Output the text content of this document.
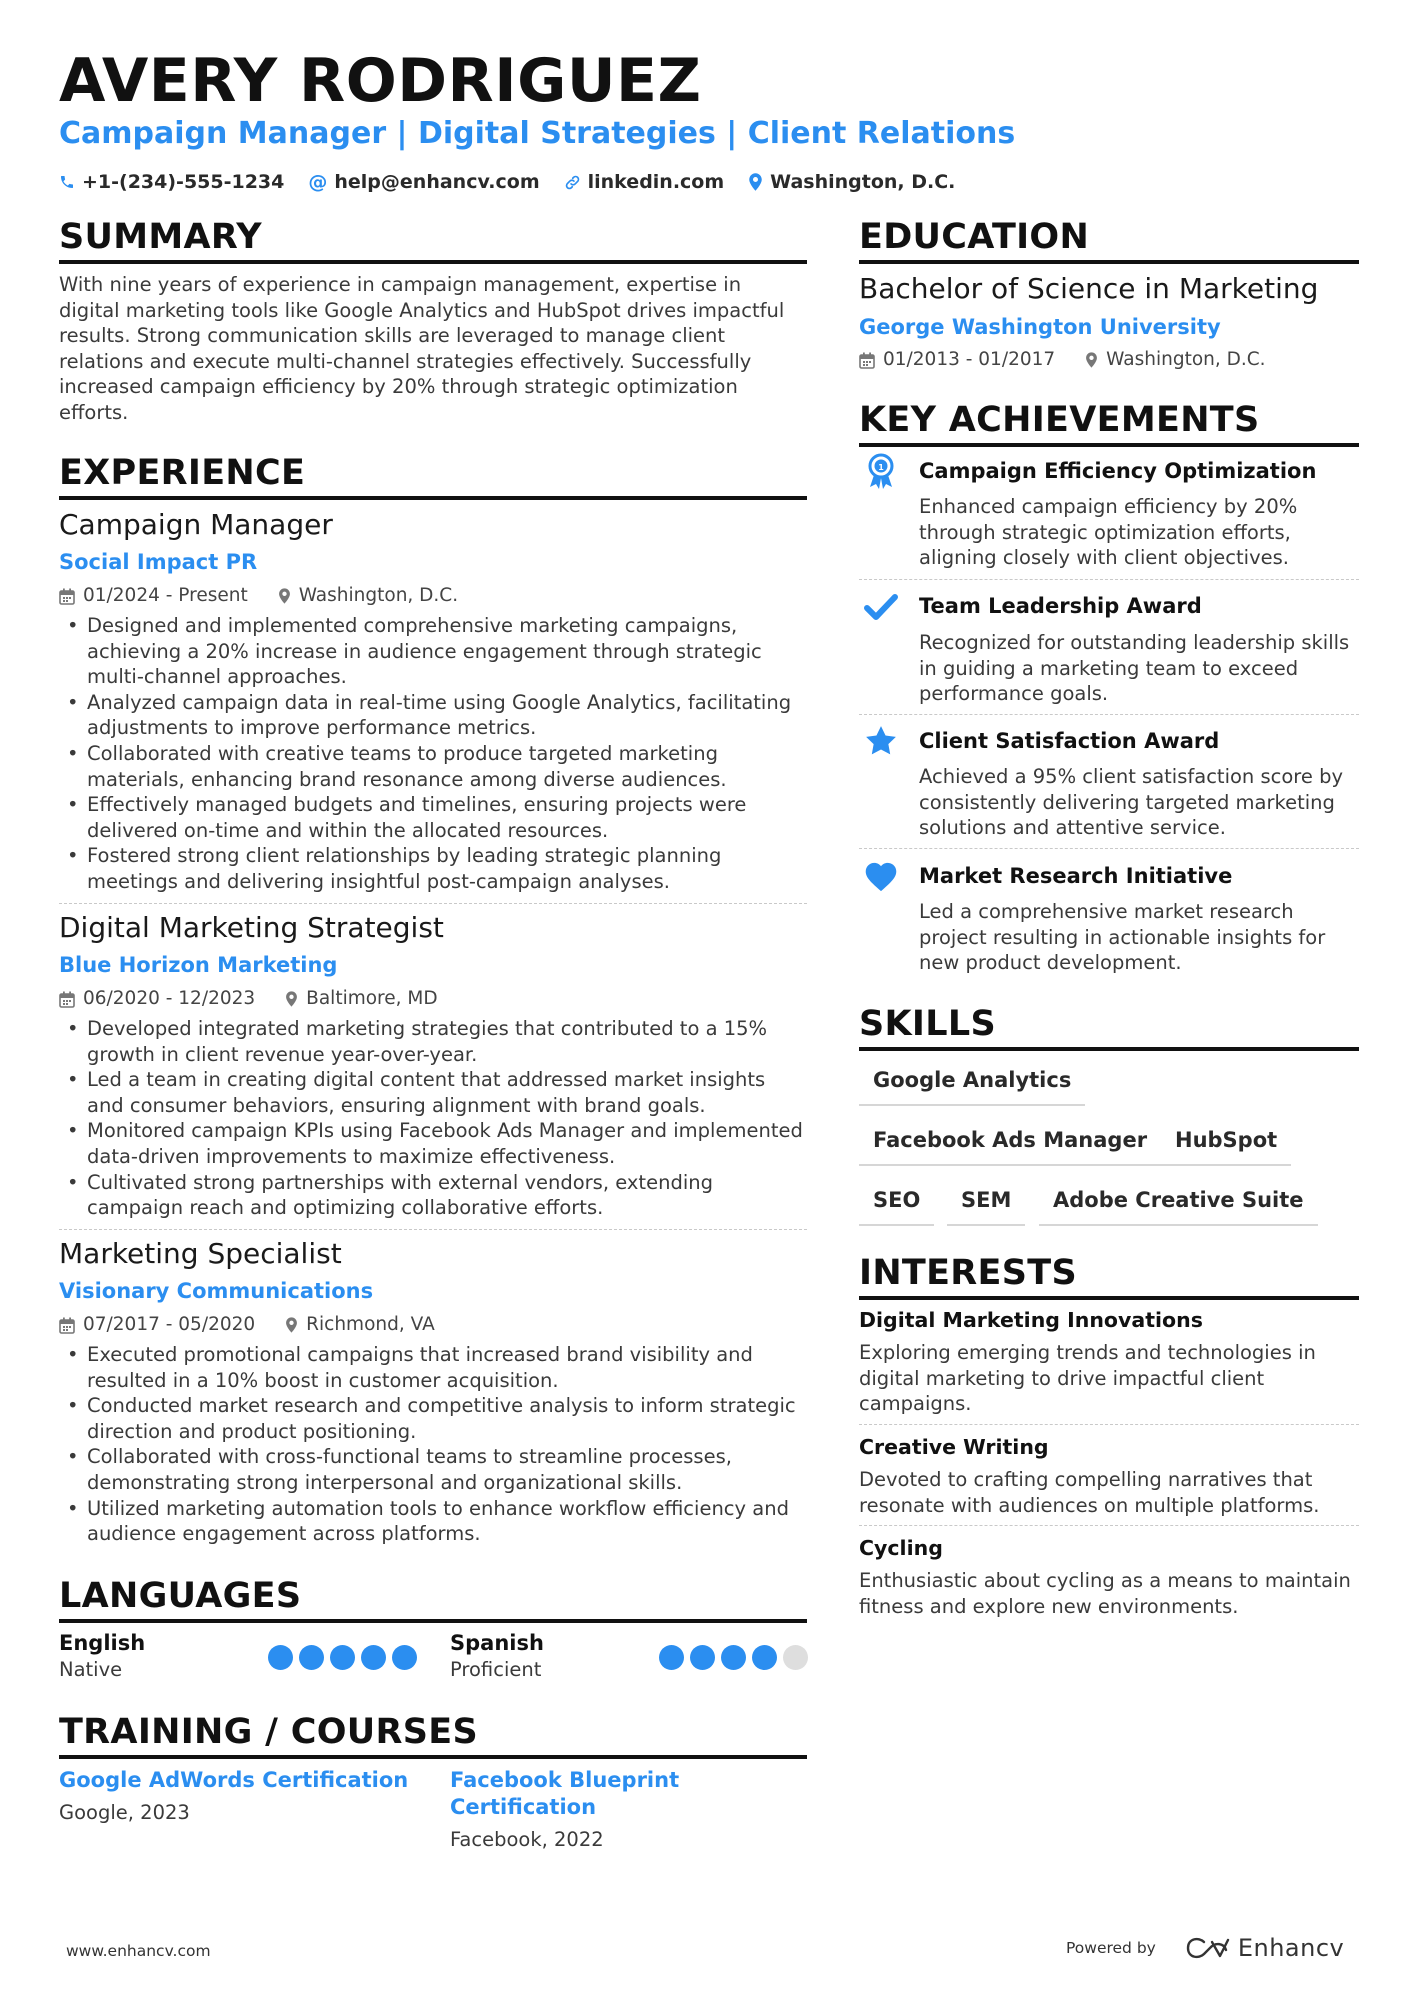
AVERY RODRIGUEZ
Campaign Manager | Digital Strategies | Client Relations
+1-(234)-555-1234 @ help@enhancv.com	linkedin.com Washington, D.C.
SUMMARY
With nine years of experience in campaign management, expertise in digital marketing tools like Google Analytics and HubSpot drives impactful results. Strong communication skills are leveraged to manage client relations and execute multi-channel strategies effectively. Successfully increased campaign efficiency by 20% through strategic optimization efforts.
EXPERIENCE
Campaign Manager
Social Impact PR
01/2024 - Present	Washington, D.C.
• Designed and implemented comprehensive marketing campaigns, achieving a 20% increase in audience engagement through strategic multi-channel approaches.
• Analyzed campaign data in real-time using Google Analytics, facilitating adjustments to improve performance metrics.
• Collaborated with creative teams to produce targeted marketing materials, enhancing brand resonance among diverse audiences.
• Effectively managed budgets and timelines, ensuring projects were delivered on-time and within the allocated resources.
• Fostered strong client relationships by leading strategic planning meetings and delivering insightful post-campaign analyses.
Digital Marketing Strategist
Blue Horizon Marketing
06/2020 - 12/2023	Baltimore, MD
• Developed integrated marketing strategies that contributed to a 15% growth in client revenue year-over-year.
• Led a team in creating digital content that addressed market insights and consumer behaviors, ensuring alignment with brand goals.
• Monitored campaign KPIs using Facebook Ads Manager and implemented data-driven improvements to maximize effectiveness.
• Cultivated strong partnerships with external vendors, extending campaign reach and optimizing collaborative efforts.
Marketing Specialist
Visionary Communications
07/2017 - 05/2020	Richmond, VA
• Executed promotional campaigns that increased brand visibility and resulted in a 10% boost in customer acquisition.
• Conducted market research and competitive analysis to inform strategic direction and product positioning.
• Collaborated with cross-functional teams to streamline processes, demonstrating strong interpersonal and organizational skills.
• Utilized marketing automation tools to enhance workflow efficiency and audience engagement across platforms.
LANGUAGES
English
Native
Spanish
Proficient
TRAINING / COURSES
Google AdWords Certification
Google, 2023
Facebook Blueprint Certification
Facebook, 2022
EDUCATION
Bachelor of Science in Marketing
George Washington University
01/2013 - 01/2017	Washington, D.C.
KEY ACHIEVEMENTS
1 Campaign Efficiency Optimization
Enhanced campaign efficiency by 20% through strategic optimization efforts, aligning closely with client objectives.
Team Leadership Award
Recognized for outstanding leadership skills in guiding a marketing team to exceed performance goals.
Client Satisfaction Award
Achieved a 95% client satisfaction score by consistently delivering targeted marketing solutions and attentive service.
Market Research Initiative
Led a comprehensive market research project resulting in actionable insights for new product development.
SKILLS
Google Analytics
Facebook Ads Manager	HubSpot
SEO	SEM	Adobe Creative Suite
INTERESTS
Digital Marketing Innovations
Exploring emerging trends and technologies in digital marketing to drive impactful client campaigns.
Creative Writing
Devoted to crafting compelling narratives that resonate with audiences on multiple platforms.
Cycling
Enthusiastic about cycling as a means to maintain fitness and explore new environments.
www.enhancv.com	Powered by	Enhancv
